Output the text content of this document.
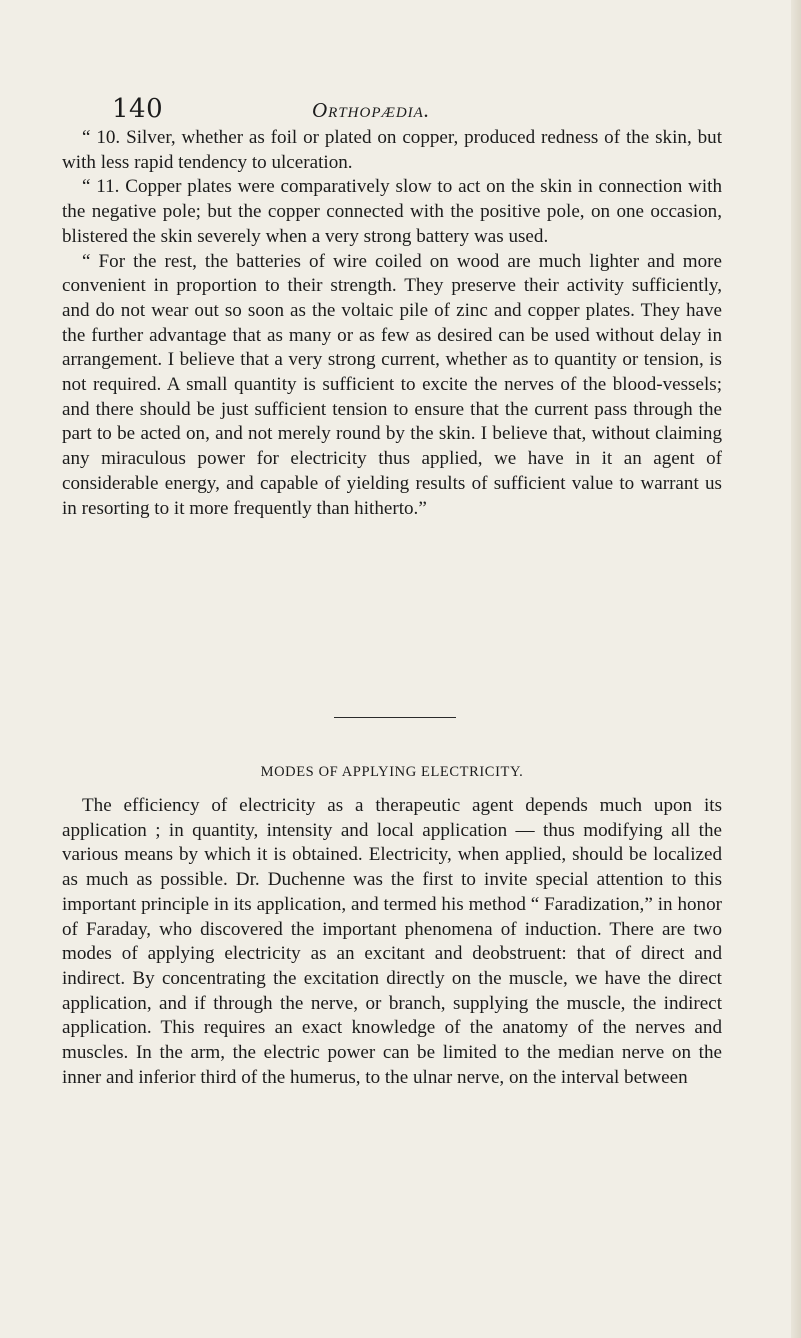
140	Orthopædia.

“ 10. Silver, whether as foil or plated on copper, produced redness of the skin, but with less rapid tendency to ulceration.

“ 11. Copper plates were comparatively slow to act on the skin in connection with the negative pole; but the copper connected with the positive pole, on one occasion, blistered the skin severely when a very strong battery was used.

“ For the rest, the batteries of wire coiled on wood are much lighter and more convenient in proportion to their strength. They preserve their activity sufficiently, and do not wear out so soon as the voltaic pile of zinc and copper plates. They have the further advantage that as many or as few as desired can be used without delay in arrangement. I believe that a very strong current, whether as to quantity or tension, is not required. A small quantity is sufficient to excite the nerves of the blood-vessels; and there should be just sufficient tension to ensure that the current pass through the part to be acted on, and not merely round by the skin. I believe that, without claiming any miraculous power for electricity thus applied, we have in it an agent of considerable energy, and capable of yielding results of sufficient value to warrant us in resorting to it more frequently than hitherto.”

MODES OF APPLYING ELECTRICITY.

The efficiency of electricity as a therapeutic agent depends much upon its application ; in quantity, intensity and local application — thus modifying all the various means by which it is obtained. Electricity, when applied, should be localized as much as possible. Dr. Duchenne was the first to invite special attention to this important principle in its application, and termed his method “ Faradization,” in honor of Faraday, who discovered the important phenomena of induction. There are two modes of applying electricity as an excitant and deobstruent: that of direct and indirect. By concentrating the excitation directly on the muscle, we have the direct application, and if through the nerve, or branch, supplying the muscle, the indirect application. This requires an exact knowledge of the anatomy of the nerves and muscles. In the arm, the electric power can be limited to the median nerve on the inner and inferior third of the humerus, to the ulnar nerve, on the interval between
